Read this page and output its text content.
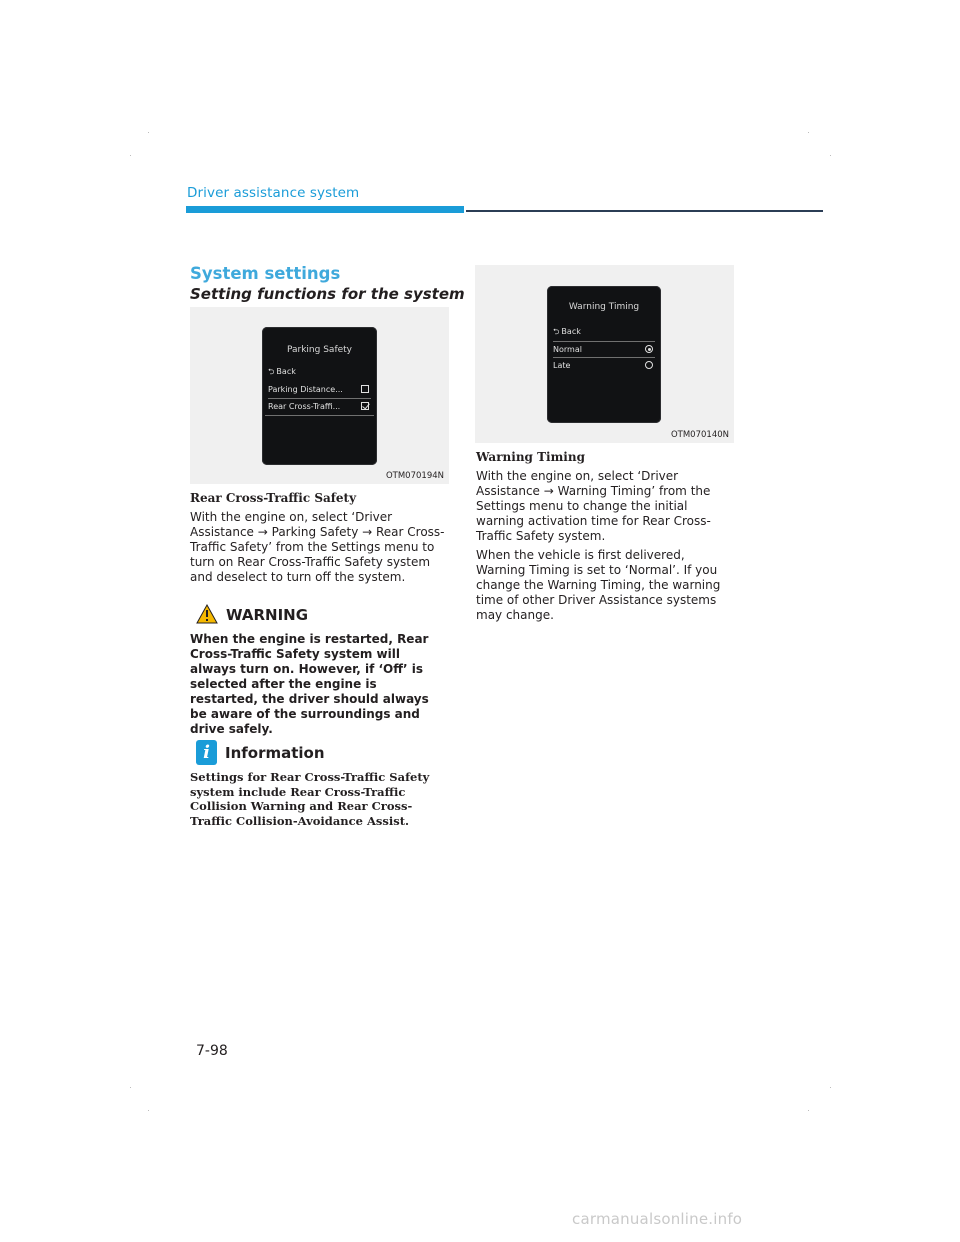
Driver assistance system
System settings
Setting functions for the system
Parking Safety
⮌ Back
Parking Distance...
Rear Cross-Traffi...
OTM070194N
Rear Cross-Traffic Safety

With the engine on, select ‘Driver Assistance → Parking Safety → Rear Cross-Traffic Safety’ from the Settings menu to turn on Rear Cross-Traffic Safety system and deselect to turn off the system.

WARNING
When the engine is restarted, Rear Cross-Traffic Safety system will always turn on. However, if ‘Off’ is selected after the engine is restarted, the driver should always be aware of the surroundings and drive safely.
i	Information
Settings for Rear Cross-Traffic Safety system include Rear Cross-Traffic Collision Warning and Rear Cross-Traffic Collision-Avoidance Assist.
Warning Timing
⮌ Back
Normal
Late
OTM070140N
Warning Timing

With the engine on, select ‘Driver Assistance → Warning Timing’ from the Settings menu to change the initial warning activation time for Rear Cross-Traffic Safety system.

When the vehicle is first delivered, Warning Timing is set to ‘Normal’. If you change the Warning Timing, the warning time of other Driver Assistance systems may change.

7-98
carmanualsonline.info
